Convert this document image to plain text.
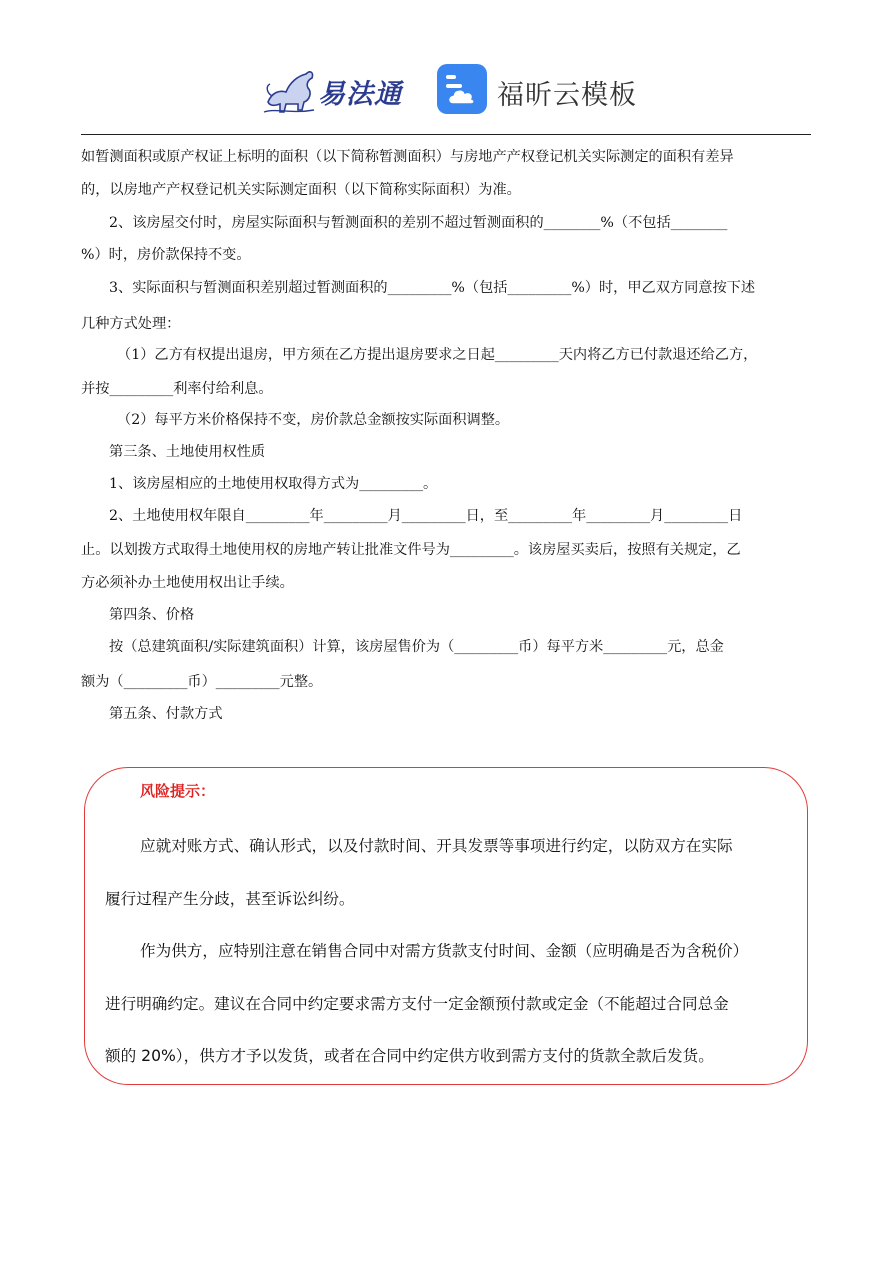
易法通	福昕云模板
如暂测面积或原产权证上标明的面积（以下简称暂测面积）与房地产产权登记机关实际测定的面积有差异
的，以房地产产权登记机关实际测定面积（以下简称实际面积）为准。
2、该房屋交付时，房屋实际面积与暂测面积的差别不超过暂测面积的________%（不包括________
%）时，房价款保持不变。
3、实际面积与暂测面积差别超过暂测面积的_________%（包括_________%）时，甲乙双方同意按下述
几种方式处理：
（1）乙方有权提出退房，甲方须在乙方提出退房要求之日起_________天内将乙方已付款退还给乙方，
并按_________利率付给利息。
（2）每平方米价格保持不变，房价款总金额按实际面积调整。
第三条、土地使用权性质
1、该房屋相应的土地使用权取得方式为_________。
2、土地使用权年限自_________年_________月_________日，至_________年_________月_________日
止。以划拨方式取得土地使用权的房地产转让批准文件号为_________。该房屋买卖后，按照有关规定，乙
方必须补办土地使用权出让手续。
第四条、价格
按（总建筑面积/实际建筑面积）计算，该房屋售价为（_________币）每平方米_________元，总金
额为（_________币）_________元整。
第五条、付款方式
风险提示：
应就对账方式、确认形式，以及付款时间、开具发票等事项进行约定，以防双方在实际
履行过程产生分歧，甚至诉讼纠纷。
作为供方，应特别注意在销售合同中对需方货款支付时间、金额（应明确是否为含税价）
进行明确约定。建议在合同中约定要求需方支付一定金额预付款或定金（不能超过合同总金
额的 20%），供方才予以发货，或者在合同中约定供方收到需方支付的货款全款后发货。
